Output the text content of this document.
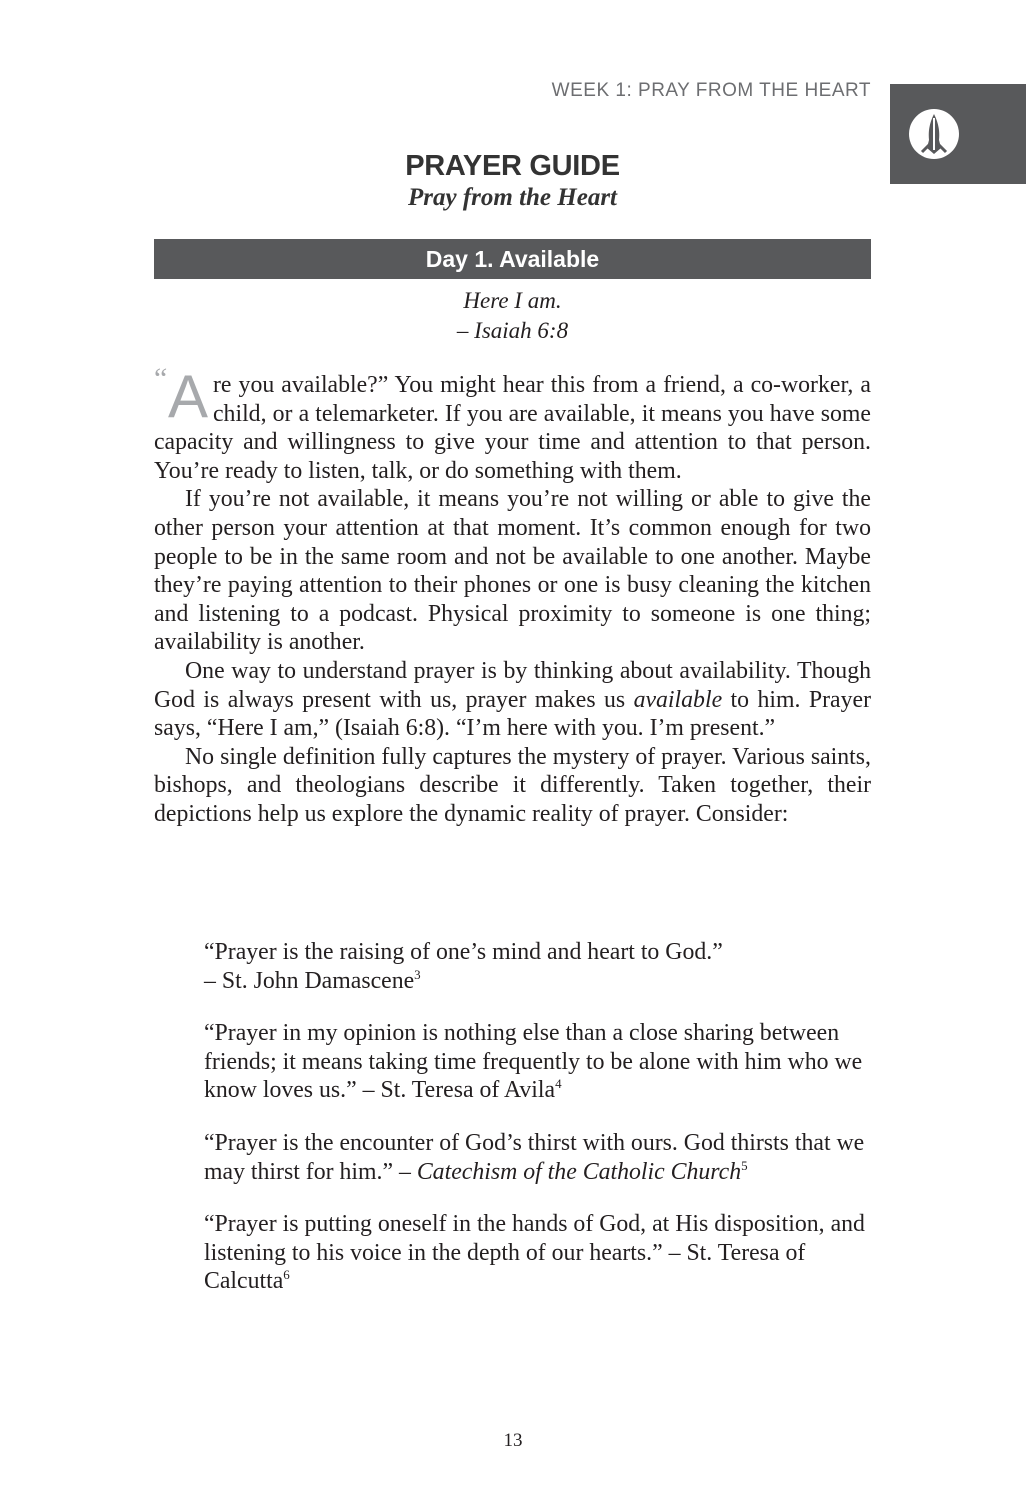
WEEK 1: PRAY FROM THE HEART
PRAYER GUIDE
Pray from the Heart
Day 1. Available
Here I am.
– Isaiah 6:8

“ A re you available?” You might hear this from a friend, a co-worker, a child, or a telemarketer. If you are available, it means you have some capacity and willingness to give your time and attention to that person. You’re ready to listen, talk, or do something with them.

If you’re not available, it means you’re not willing or able to give the other person your attention at that moment. It’s common enough for two people to be in the same room and not be available to one another. Maybe they’re paying attention to their phones or one is busy cleaning the kitchen and listening to a podcast. Physical proximity to someone is one thing; availability is another.

One way to understand prayer is by thinking about availability. Though God is always present with us, prayer makes us available to him. Prayer says, “Here I am,” (Isaiah 6:8). “I’m here with you. I’m present.”

No single definition fully captures the mystery of prayer. Various saints, bishops, and theologians describe it differently. Taken together, their depictions help us explore the dynamic reality of prayer. Consider:

“Prayer is the raising of one’s mind and heart to God.”
– St. John Damascene$^3$
“Prayer in my opinion is nothing else than a close sharing between friends; it means taking time frequently to be alone with him who we know loves us.” – St. Teresa of Avila$^4$
“Prayer is the encounter of God’s thirst with ours. God thirsts that we may thirst for him.” – Catechism of the Catholic Church$^5$
“Prayer is putting oneself in the hands of God, at His disposition, and listening to his voice in the depth of our hearts.” – St. Teresa of Calcutta$^6$
13
